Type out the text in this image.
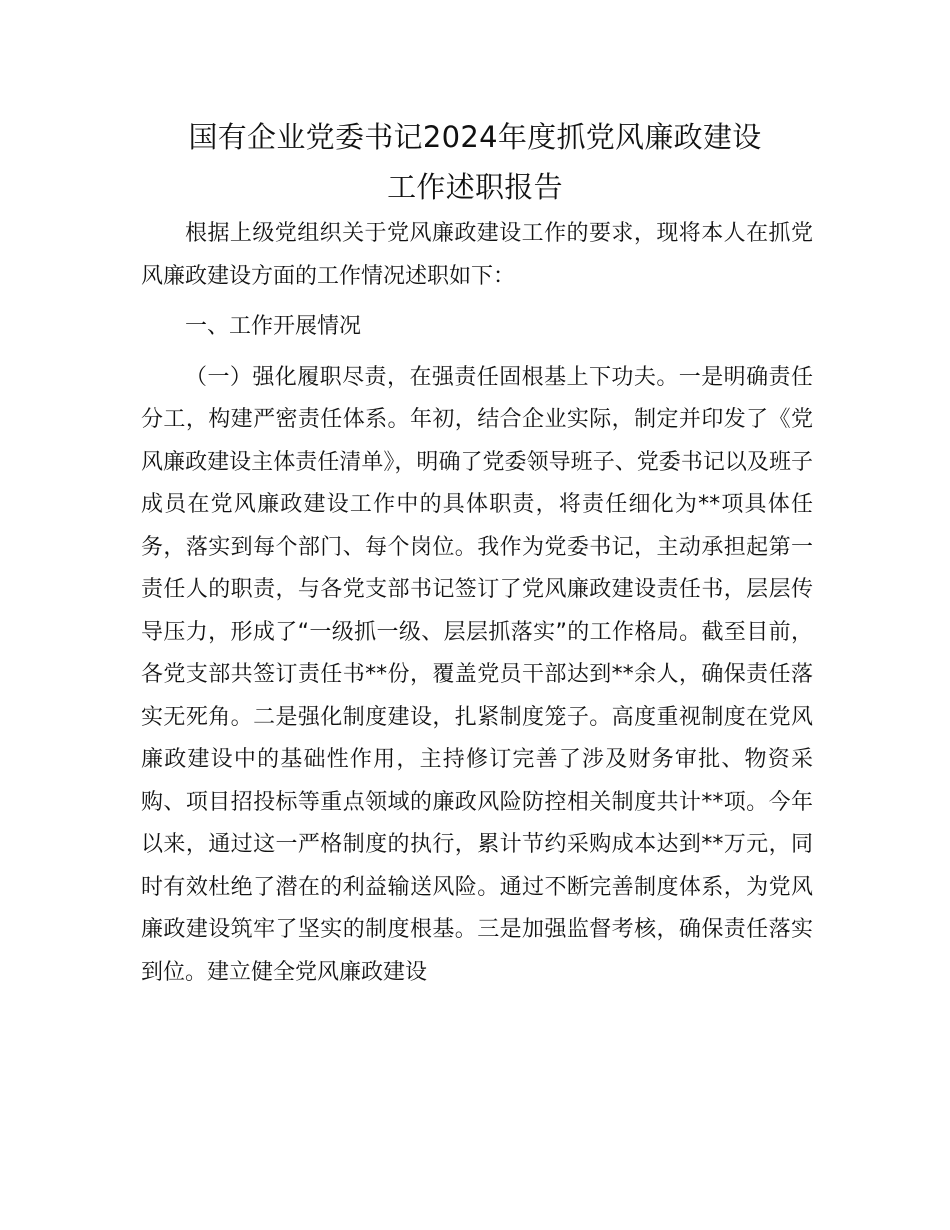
国有企业党委书记2024年度抓党风廉政建设
工作述职报告

根据上级党组织关于党风廉政建设工作的要求，现将本人在抓党风廉政建设方面的工作情况述职如下：

一、工作开展情况

（一）强化履职尽责，在强责任固根基上下功夫。一是明确责任分工，构建严密责任体系。年初，结合企业实际，制定并印发了《党风廉政建设主体责任清单》，明确了党委领导班子、党委书记以及班子成员在党风廉政建设工作中的具体职责，将责任细化为**项具体任务，落实到每个部门、每个岗位。我作为党委书记，主动承担起第一责任人的职责，与各党支部书记签订了党风廉政建设责任书，层层传导压力，形成了“一级抓一级、层层抓落实”的工作格局。截至目前，各党支部共签订责任书**份，覆盖党员干部达到**余人，确保责任落实无死角。二是强化制度建设，扎紧制度笼子。高度重视制度在党风廉政建设中的基础性作用，主持修订完善了涉及财务审批、物资采购、项目招投标等重点领域的廉政风险防控相关制度共计**项。今年以来，通过这一严格制度的执行，累计节约采购成本达到**万元，同时有效杜绝了潜在的利益输送风险。通过不断完善制度体系，为党风廉政建设筑牢了坚实的制度根基。三是加强监督考核，确保责任落实到位。建立健全党风廉政建设
